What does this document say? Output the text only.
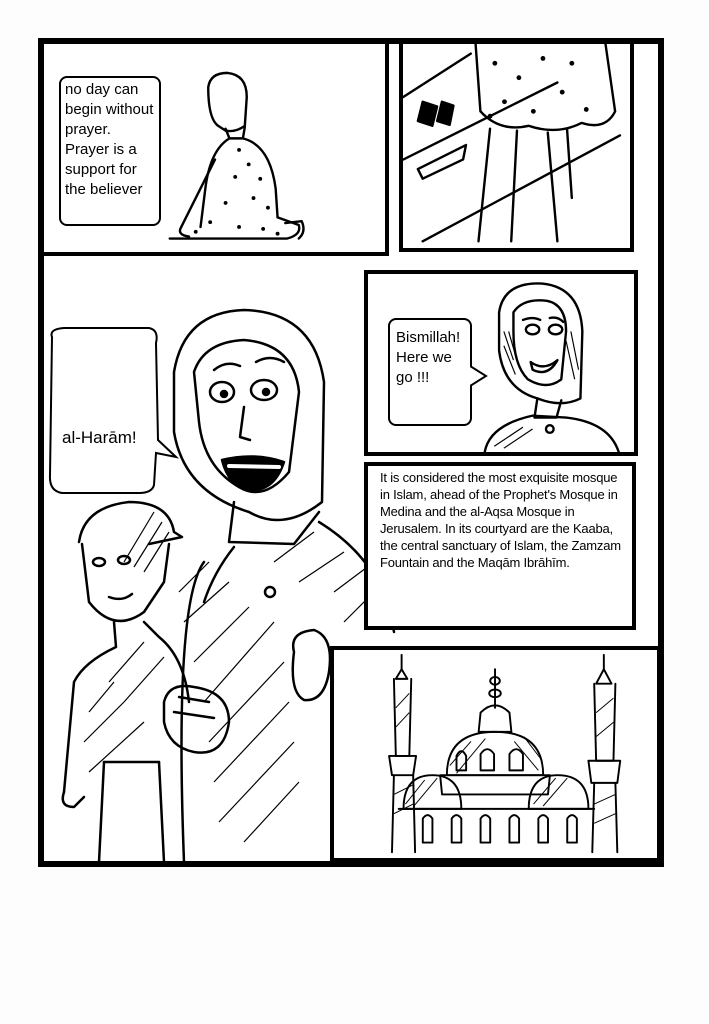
no day can begin without prayer. Prayer is a support for the believer
Bismillah! Here we go !!!
al-Harām!
It is considered the most exquisite mosque in Islam, ahead of the Prophet's Mosque in Medina and the al-Aqsa Mosque in Jerusalem. In its courtyard are the Kaaba, the central sanctuary of Islam, the Zamzam Fountain and the Maqām Ibrāhīm.
